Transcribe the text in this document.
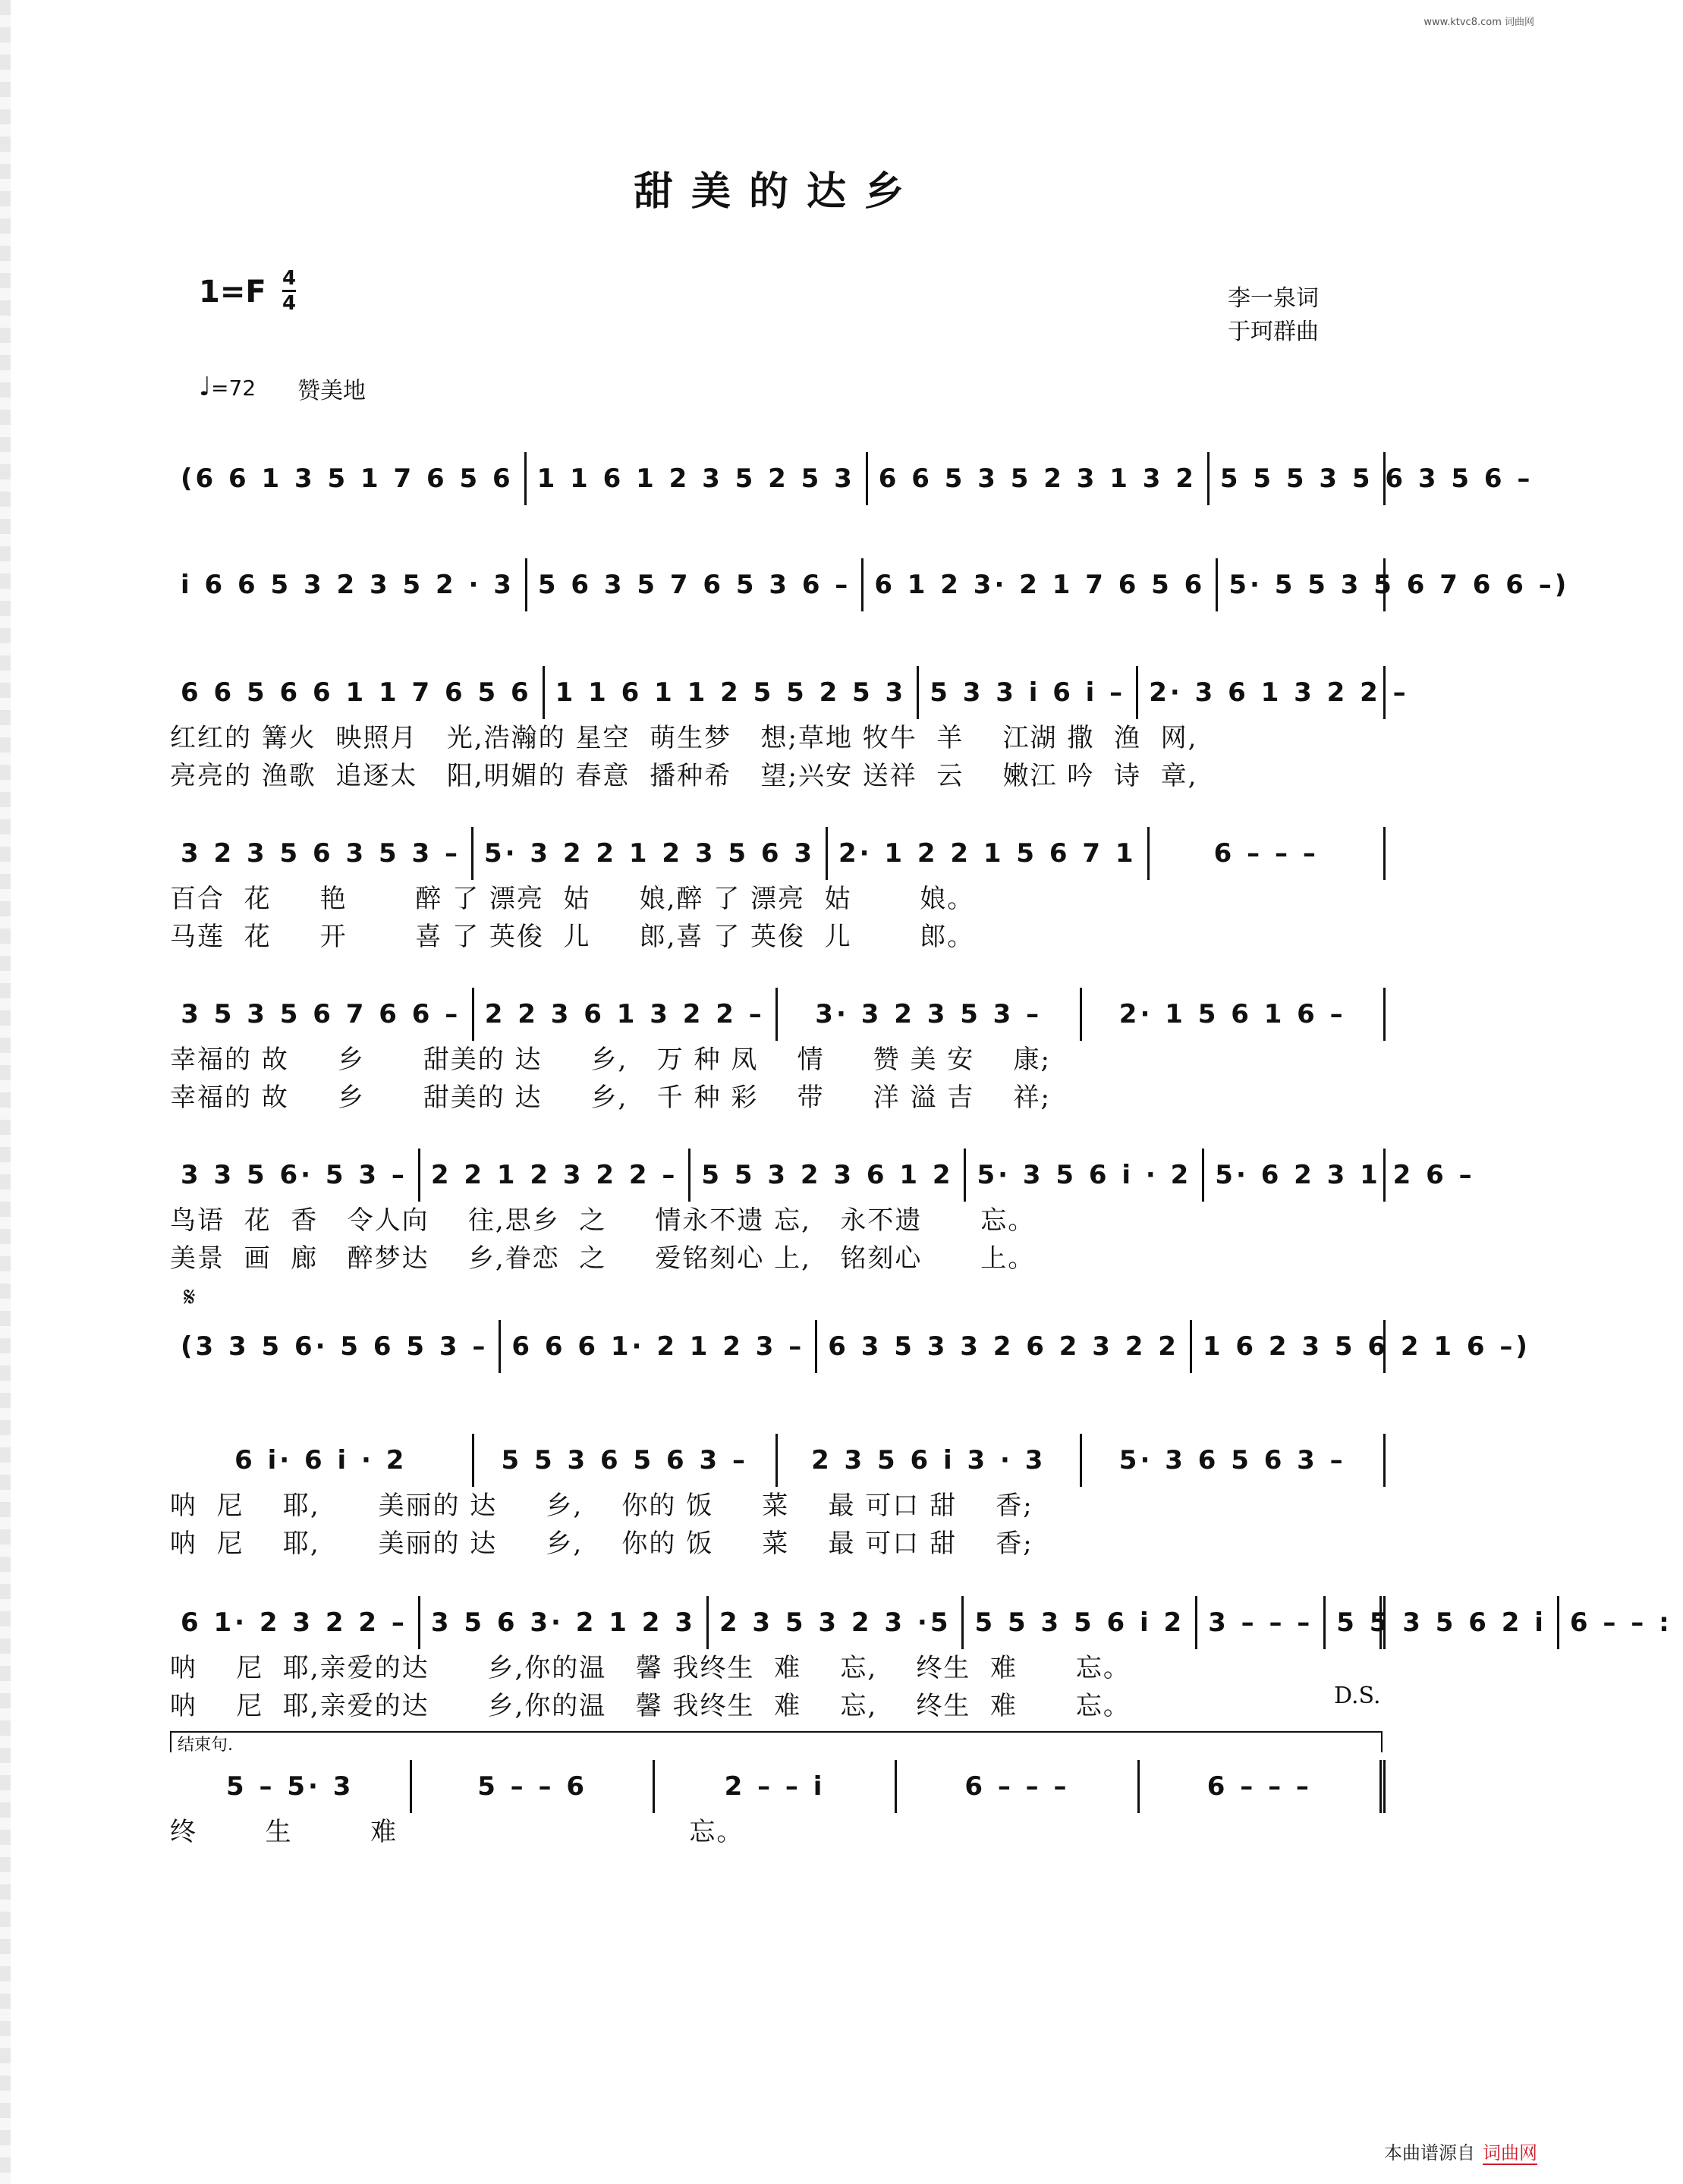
www.ktvc8.com 词曲网
甜美的达乡
1=F 4
4	李一泉词
于珂群曲
♩=72 赞美地
(6 6 1 3 5 1 7 6 5 6 1 1 6 1 2 3 5 2 5 3 6 6 5 3 5 2 3 1 3 2 5 5 5 3 5 6 3 5 6 –
i 6 6 5 3 2 3 5 2 · 3 5 6 3 5 7 6 5 3 6 – 6 1 2 3· 2 1 7 6 5 6 5· 5 5 3 5 6 7 6 6 –)
6 6 5 6 6 1 1 7 6 5 6 1 1 6 1 1 2 5 5 2 5 3 5 3 3 i 6 i – 2· 3 6 1 3 2 2 –
红红的 篝火  映照月   光,浩瀚的 星空  萌生梦   想;草地 牧牛  羊    江湖 撒  渔  网,
亮亮的 渔歌  追逐太   阳,明媚的 春意  播种希   望;兴安 送祥  云    嫩江 吟  诗  章,
3 2 3 5 6 3 5 3 – 5· 3 2 2 1 2 3 5 6 3 2· 1 2 2 1 5 6 7 1	6 – – –
百合  花     艳       醉 了 漂亮  姑     娘,醉 了 漂亮  姑       娘。
马莲  花     开       喜 了 英俊  儿     郎,喜 了 英俊  儿       郎。
3 5 3 5 6 7 6 6 – 2 2 3 6 1 3 2 2 –	3· 3 2 3 5 3 –	2· 1 5 6 1 6 –
幸福的 故     乡      甜美的 达     乡,   万 种 凤    情     赞 美 安    康;
幸福的 故     乡      甜美的 达     乡,   千 种 彩    带     洋 溢 吉    祥;
3 3 5 6· 5 3 – 2 2 1 2 3 2 2 – 5 5 3 2 3 6 1 2 5· 3 5 6 i · 2 5· 6 2 3 1 2 6 –
鸟语  花  香   令人向    往,思乡  之     情永不遗 忘,   永不遗      忘。
美景  画  廊   醉梦达    乡,眷恋  之     爱铭刻心 上,   铭刻心      上。
𝄋
(3 3 5 6· 5 6 5 3 – 6 6 6 1· 2 1 2 3 – 6 3 5 3 3 2 6 2 3 2 2 1 6 2 3 5 6 2 1 6 –)
6 i· 6 i · 2	5 5 3 6 5 6 3 –	2 3 5 6 i 3 · 3	5· 3 6 5 6 3 –
呐  尼    耶,      美丽的 达     乡,    你的 饭     菜    最 可口 甜    香;
呐  尼    耶,      美丽的 达     乡,    你的 饭     菜    最 可口 甜    香;
6 1· 2 3 2 2 – 3 5 6 3· 2 1 2 3 2 3 5 3 2 3 ·5 5 5 3 5 6 i 2 3 – – – 5 5 3 5 6 2 i 6 – – :
呐    尼  耶,亲爱的达      乡,你的温   馨 我终生  难    忘,    终生  难      忘。
呐    尼  耶,亲爱的达      乡,你的温   馨 我终生  难    忘,    终生  难      忘。
5 – 5· 3	5 – – 6	2 – – i	6 – – –	6 – – –
终       生        难                              忘。
D.S.
结束句.
本曲谱源自 词曲网
